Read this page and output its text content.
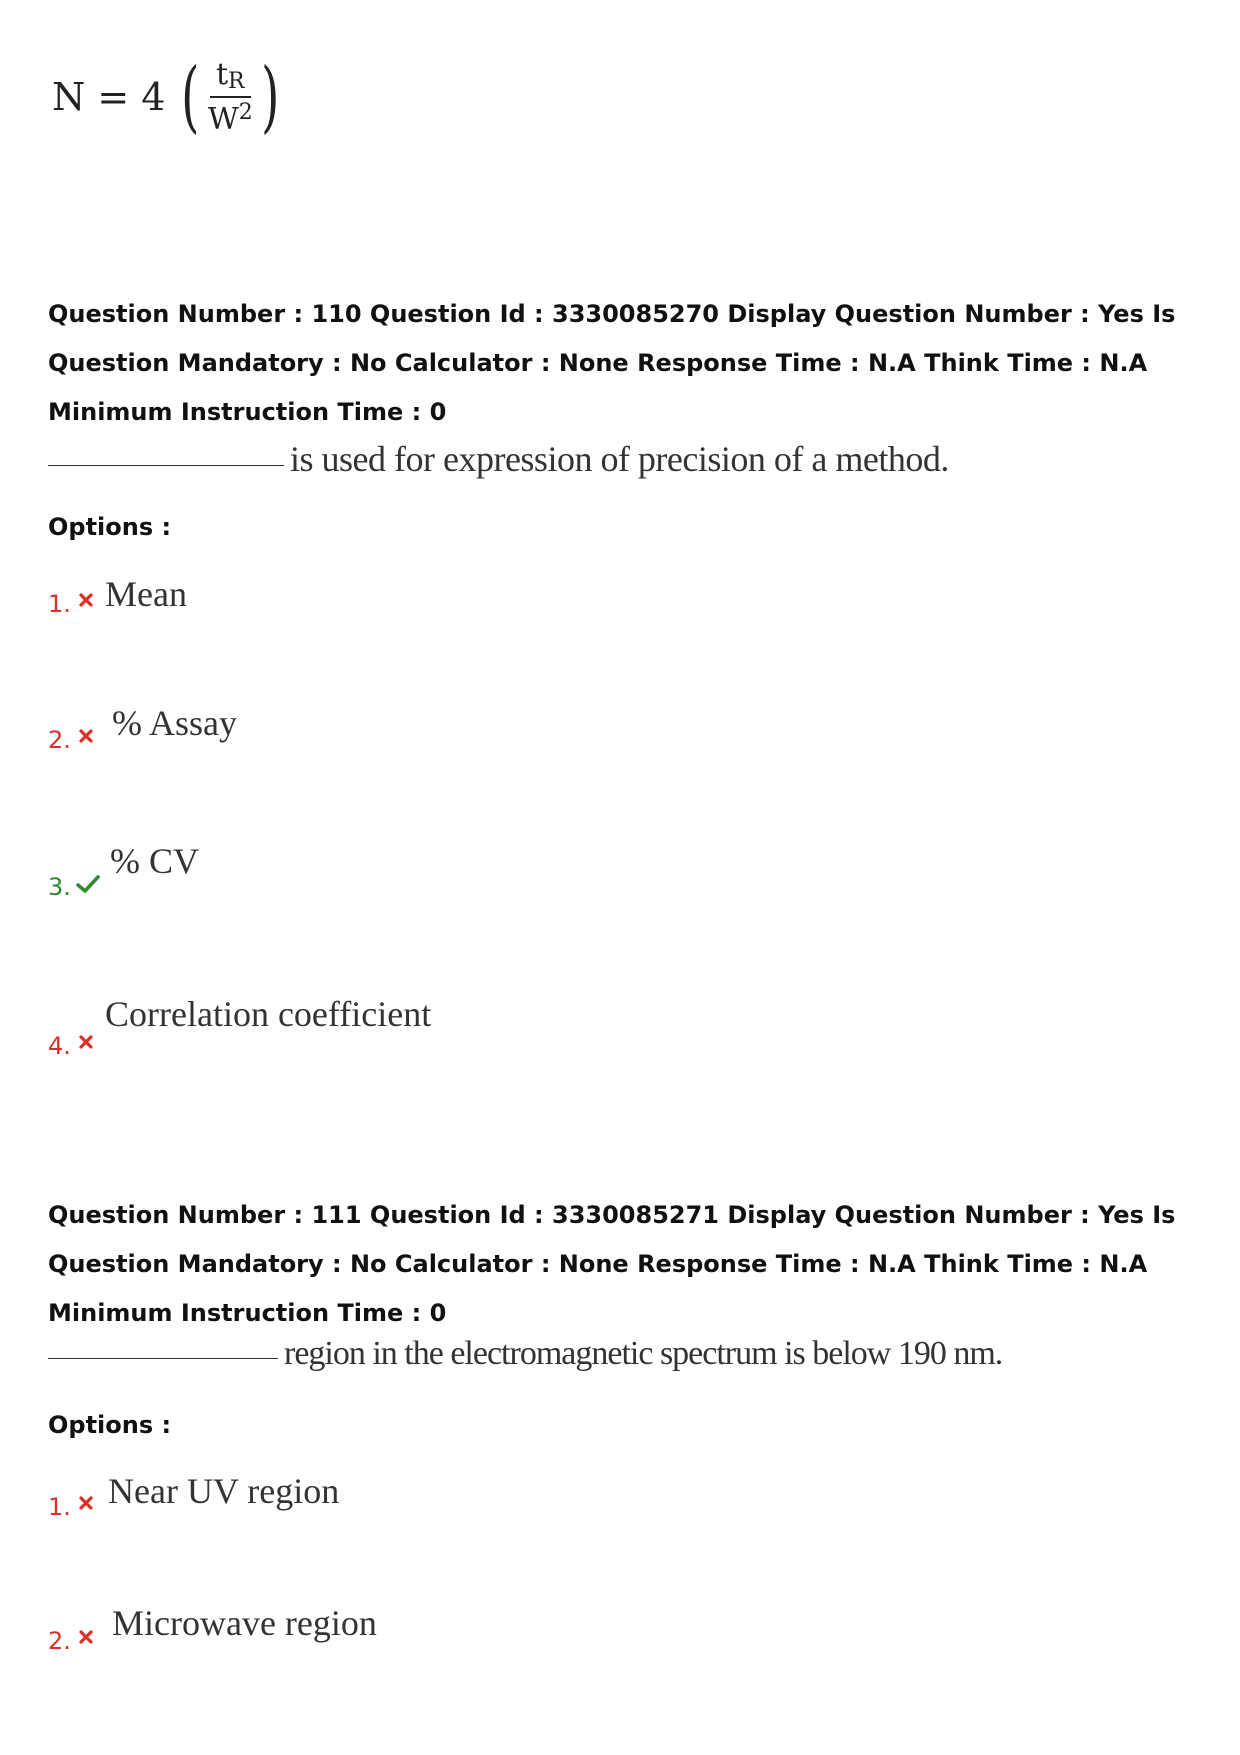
N = 4 ( $\frac{t_R}{W^2}$ )
Question Number : 110 Question Id : 3330085270 Display Question Number : Yes Is Question Mandatory : No Calculator : None Response Time : N.A Think Time : N.A Minimum Instruction Time : 0
is used for expression of precision of a method.
Options :
1. Mean
2. % Assay
3.
% CV
4.
Correlation coefficient
Question Number : 111 Question Id : 3330085271 Display Question Number : Yes Is Question Mandatory : No Calculator : None Response Time : N.A Think Time : N.A Minimum Instruction Time : 0
region in the electromagnetic spectrum is below 190 nm.
Options :
1. Near UV region
2. Microwave region
